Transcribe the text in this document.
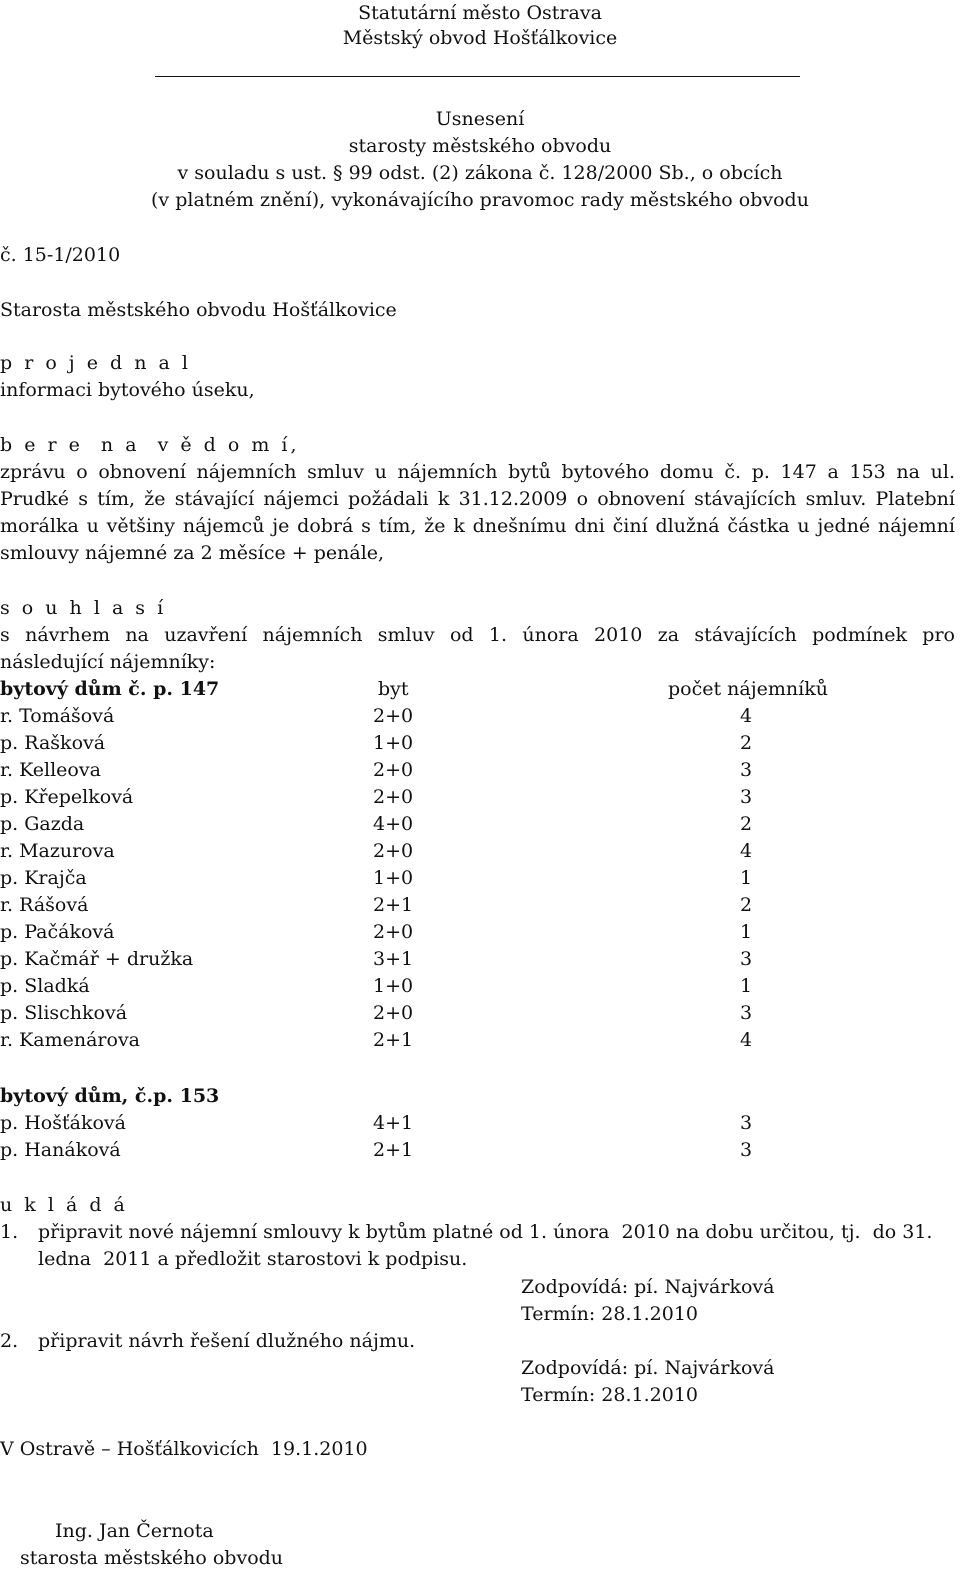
Statutární město Ostrava
Městský obvod Hošťálkovice
Usnesení
starosty městského obvodu
v souladu s ust. § 99 odst. (2) zákona č. 128/2000 Sb., o obcích
(v platném znění), vykonávajícího pravomoc rady městského obvodu
č. 15-1/2010
Starosta městského obvodu Hošťálkovice
p r o j e d n a l
informaci bytového úseku,
b e r e  n a  v ě d o m í,
zprávu o obnovení nájemních smluv u nájemních bytů bytového domu č. p. 147 a 153 na ul.
Prudké s tím, že stávající nájemci požádali k 31.12.2009 o obnovení stávajících smluv. Platební
morálka u většiny nájemců je dobrá s tím, že k dnešnímu dni činí dlužná částka u jedné nájemní
smlouvy nájemné za 2 měsíce + penále,
s o u h l a s í
s návrhem na uzavření nájemních smluv od 1. února 2010 za stávajících podmínek pro
následující nájemníky:
bytový dům č. p. 147	byt	počet nájemníků
r. Tomášová	2+0	4
p. Rašková	1+0	2
r. Kelleova	2+0	3
p. Křepelková	2+0	3
p. Gazda	4+0	2
r. Mazurova	2+0	4
p. Krajča	1+0	1
r. Rášová	2+1	2
p. Pačáková	2+0	1
p. Kačmář + družka	3+1	3
p. Sladká	1+0	1
p. Slischková	2+0	3
r. Kamenárova	2+1	4
bytový dům, č.p. 153
p. Hošťáková	4+1	3
p. Hanáková	2+1	3
u k l á d á
1. připravit nové nájemní smlouvy k bytům platné od 1. února  2010 na dobu určitou, tj.  do 31.
ledna  2011 a předložit starostovi k podpisu.
Zodpovídá: pí. Najvárková
Termín: 28.1.2010
2. připravit návrh řešení dlužného nájmu.
Zodpovídá: pí. Najvárková
Termín: 28.1.2010
V Ostravě – Hošťálkovicích  19.1.2010
Ing. Jan Černota
starosta městského obvodu
